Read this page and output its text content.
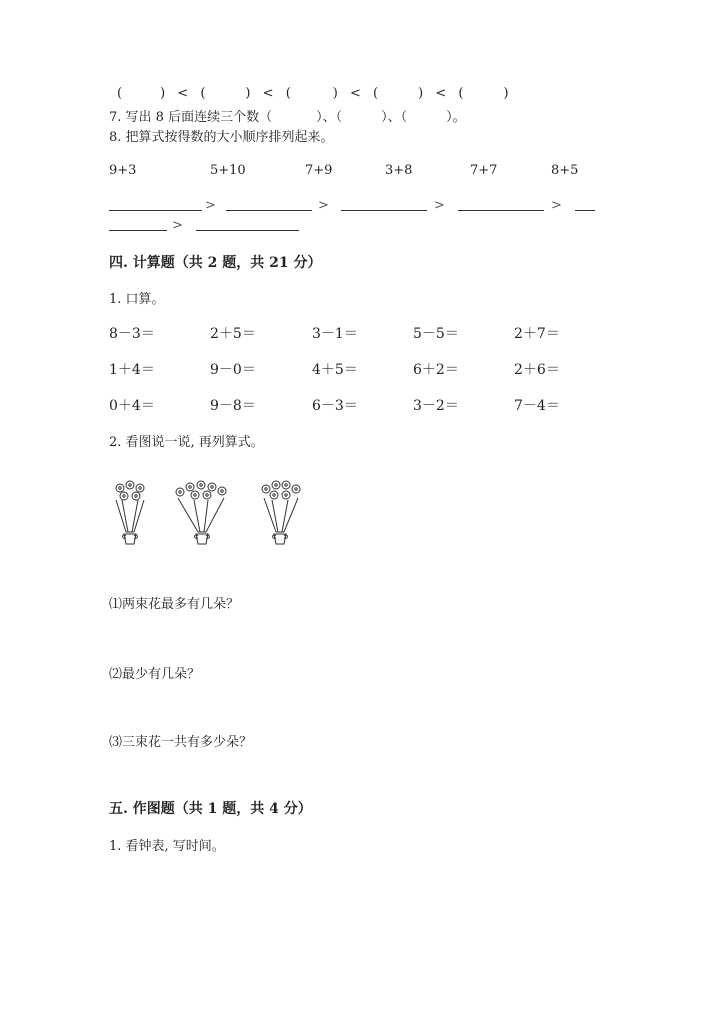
(	) < (	) < (	) < (	) < (	)
7. 写出 8 后面连续三个数（	）、（　　　）、（　　　）。
8. 把算式按得数的大小顺序排列起来。
9+3	5+10	7+9	3+8	7+7	8+5
>	>	>	>
>
四. 计算题（共 2 题，共 21 分）
1. 口算。
8－3＝	2＋5＝	3－1＝	5－5＝	2＋7＝
1＋4＝	9－0＝	4＋5＝	6＋2＝	2＋6＝
0＋4＝	9－8＝	6－3＝	3－2＝	7－4＝
2. 看图说一说, 再列算式。
⑴两束花最多有几朵？
⑵最少有几朵？
⑶三束花一共有多少朵？
五. 作图题（共 1 题，共 4 分）
1. 看钟表, 写时间。
